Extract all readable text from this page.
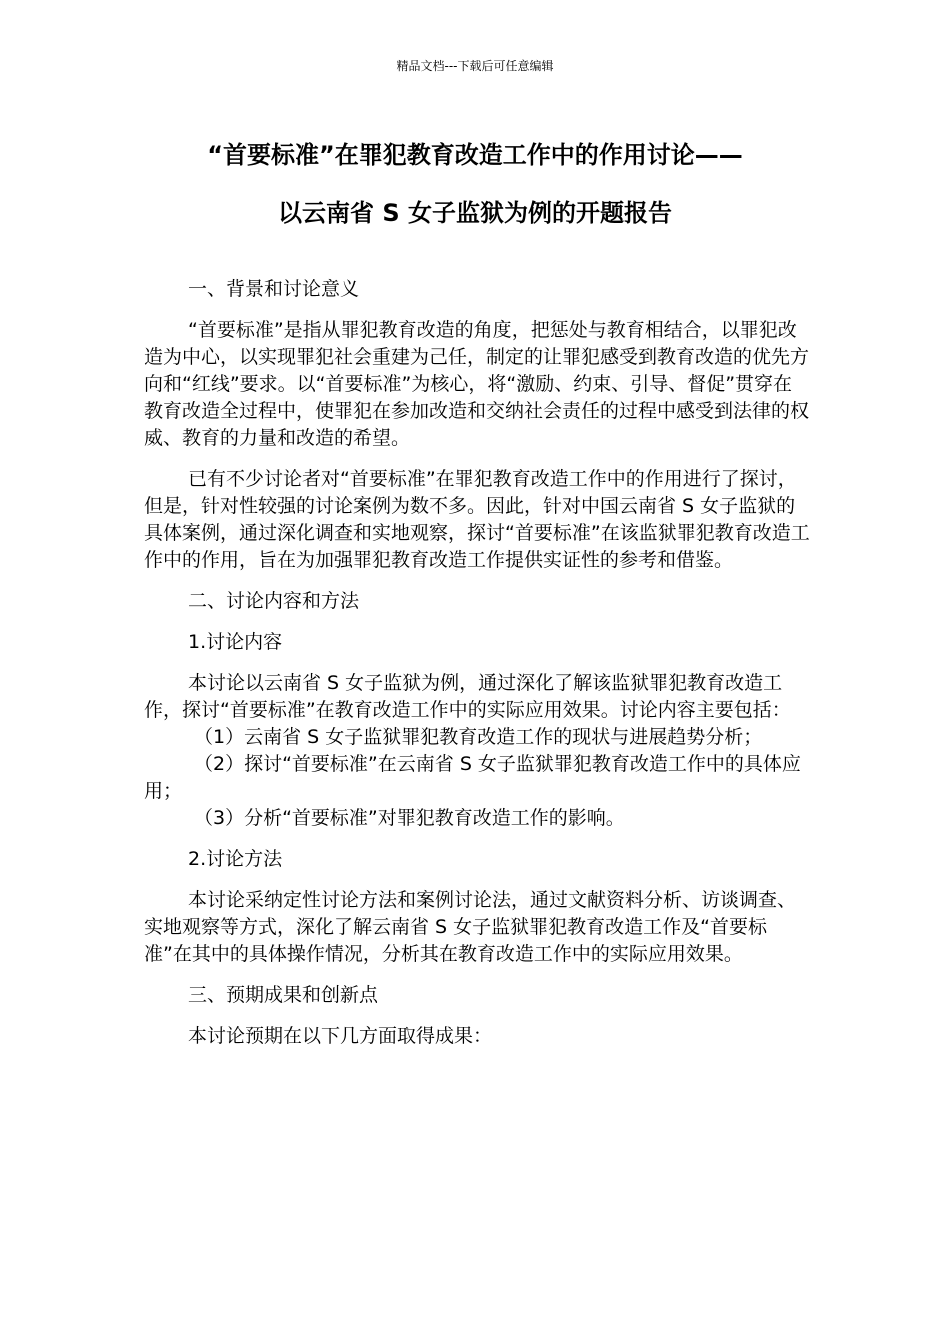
精品文档---下载后可任意编辑
“首要标准”在罪犯教育改造工作中的作用讨论——
以云南省 S 女子监狱为例的开题报告

一、背景和讨论意义

“首要标准”是指从罪犯教育改造的角度，把惩处与教育相结合，以罪犯改造为中心，以实现罪犯社会重建为己任，制定的让罪犯感受到教育改造的优先方向和“红线”要求。以“首要标准”为核心，将“激励、约束、引导、督促”贯穿在教育改造全过程中，使罪犯在参加改造和交纳社会责任的过程中感受到法律的权威、教育的力量和改造的希望。

已有不少讨论者对“首要标准”在罪犯教育改造工作中的作用进行了探讨，但是，针对性较强的讨论案例为数不多。因此，针对中国云南省 S 女子监狱的具体案例，通过深化调查和实地观察，探讨“首要标准”在该监狱罪犯教育改造工作中的作用，旨在为加强罪犯教育改造工作提供实证性的参考和借鉴。

二、讨论内容和方法

1.讨论内容

本讨论以云南省 S 女子监狱为例，通过深化了解该监狱罪犯教育改造工作，探讨“首要标准”在教育改造工作中的实际应用效果。讨论内容主要包括：

（1）云南省 S 女子监狱罪犯教育改造工作的现状与进展趋势分析；

（2）探讨“首要标准”在云南省 S 女子监狱罪犯教育改造工作中的具体应用；

（3）分析“首要标准”对罪犯教育改造工作的影响。

2.讨论方法

本讨论采纳定性讨论方法和案例讨论法，通过文献资料分析、访谈调查、实地观察等方式，深化了解云南省 S 女子监狱罪犯教育改造工作及“首要标准”在其中的具体操作情况，分析其在教育改造工作中的实际应用效果。

三、预期成果和创新点

本讨论预期在以下几方面取得成果：
